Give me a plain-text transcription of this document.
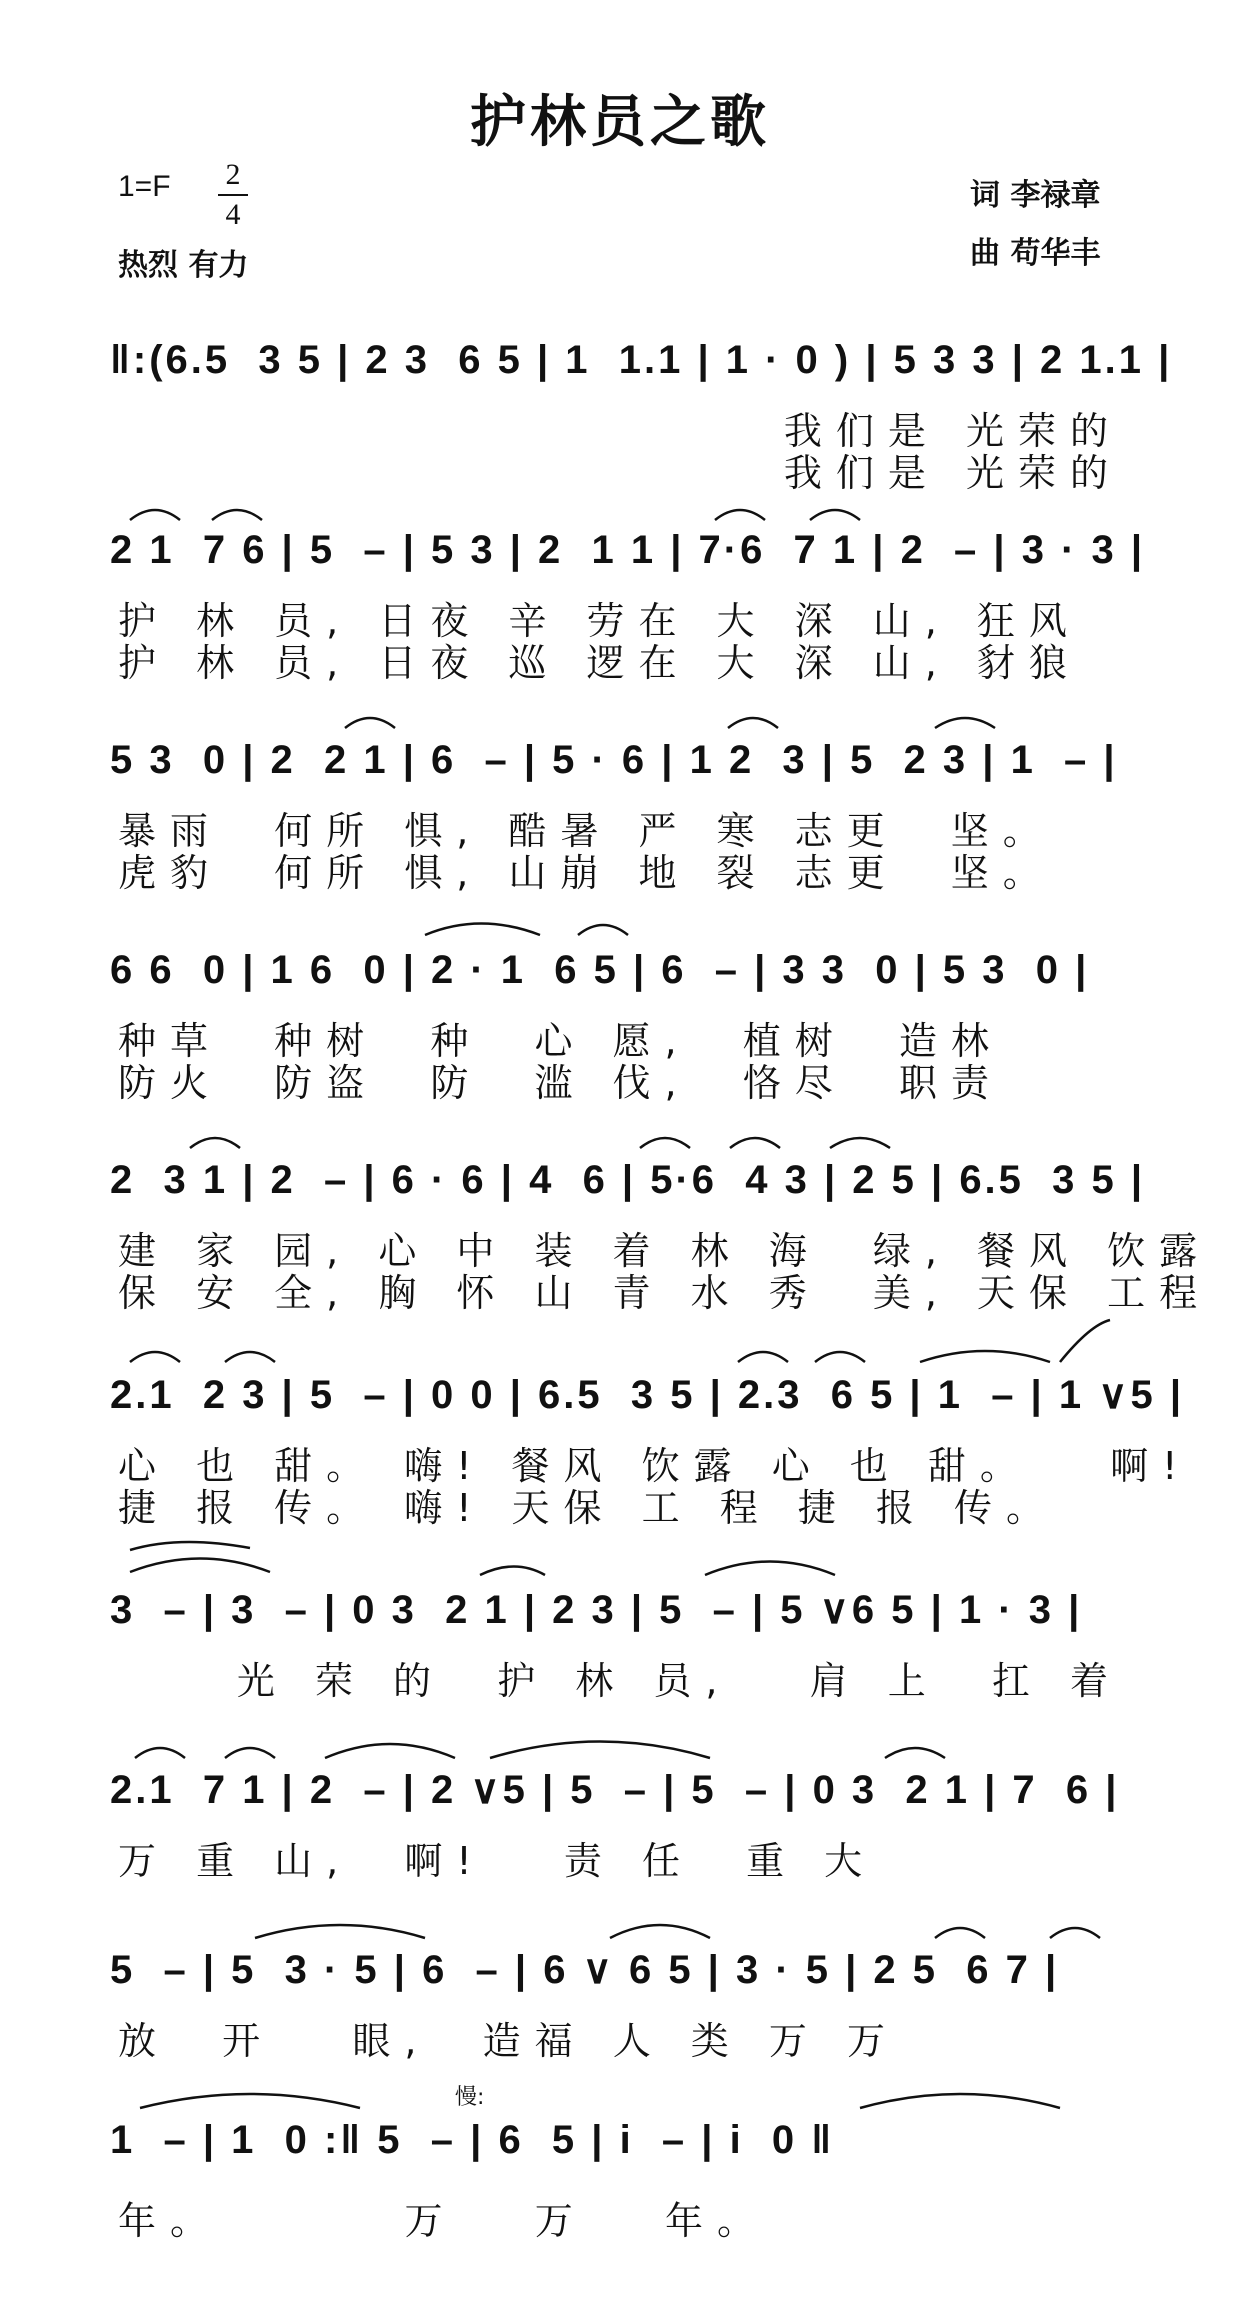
护林员之歌
1=F 2
4
热烈 有力
词 李禄章
曲 苟华丰
‖:(6.5  3 5 | 2 3  6 5 | 1  1.1 | 1 · 0 ) | 5 3 3 | 2 1.1 |
我们是 光荣的
我们是 光荣的
2 1  7 6 | 5  – | 5 3 | 2  1 1 | 7·6  7 1 | 2  – | 3 · 3 |
护 林 员, 日夜 辛 劳在 大 深 山, 狂风
护 林 员, 日夜 巡 逻在 大 深 山, 豺狼
5 3  0 | 2  2 1 | 6  – | 5 · 6 | 1 2  3 | 5  2 3 | 1  – |
暴雨  何所 惧, 酷暑 严 寒 志更  坚。
虎豹  何所 惧, 山崩 地 裂 志更  坚。
6 6  0 | 1 6  0 | 2 · 1  6 5 | 6  – | 3 3  0 | 5 3  0 |
种草  种树  种  心 愿,  植树  造林
防火  防盗  防  滥 伐,  恪尽  职责
2  3 1 | 2  – | 6 · 6 | 4  6 | 5·6  4 3 | 2 5 | 6.5  3 5 |
建 家 园, 心 中 装 着 林 海  绿, 餐风 饮露
保 安 全, 胸 怀 山 青 水 秀  美, 天保 工程
2.1  2 3 | 5  – | 0 0 | 6.5  3 5 | 2.3  6 5 | 1  – | 1 ∨5 |
心 也 甜。 嗨! 餐风 饮露 心 也 甜。   啊!
捷 报 传。 嗨! 天保 工 程 捷 报 传。
3  – | 3  – | 0 3  2 1 | 2 3 | 5  – | 5 ∨6 5 | 1 · 3 |
光 荣 的  护 林 员,   肩 上  扛 着
2.1  7 1 | 2  – | 2 ∨5 | 5  – | 5  – | 0 3  2 1 | 7  6 |
万 重 山,  啊!   责 任  重 大
5  – | 5  3 · 5 | 6  – | 6 ∨ 6 5 | 3 · 5 | 2 5  6 7 |
放  开   眼,  造福 人 类 万 万
慢:
1  – | 1  0 :‖ 5  – | 6  5 | i  – | i  0 ‖
年。       万   万   年。
